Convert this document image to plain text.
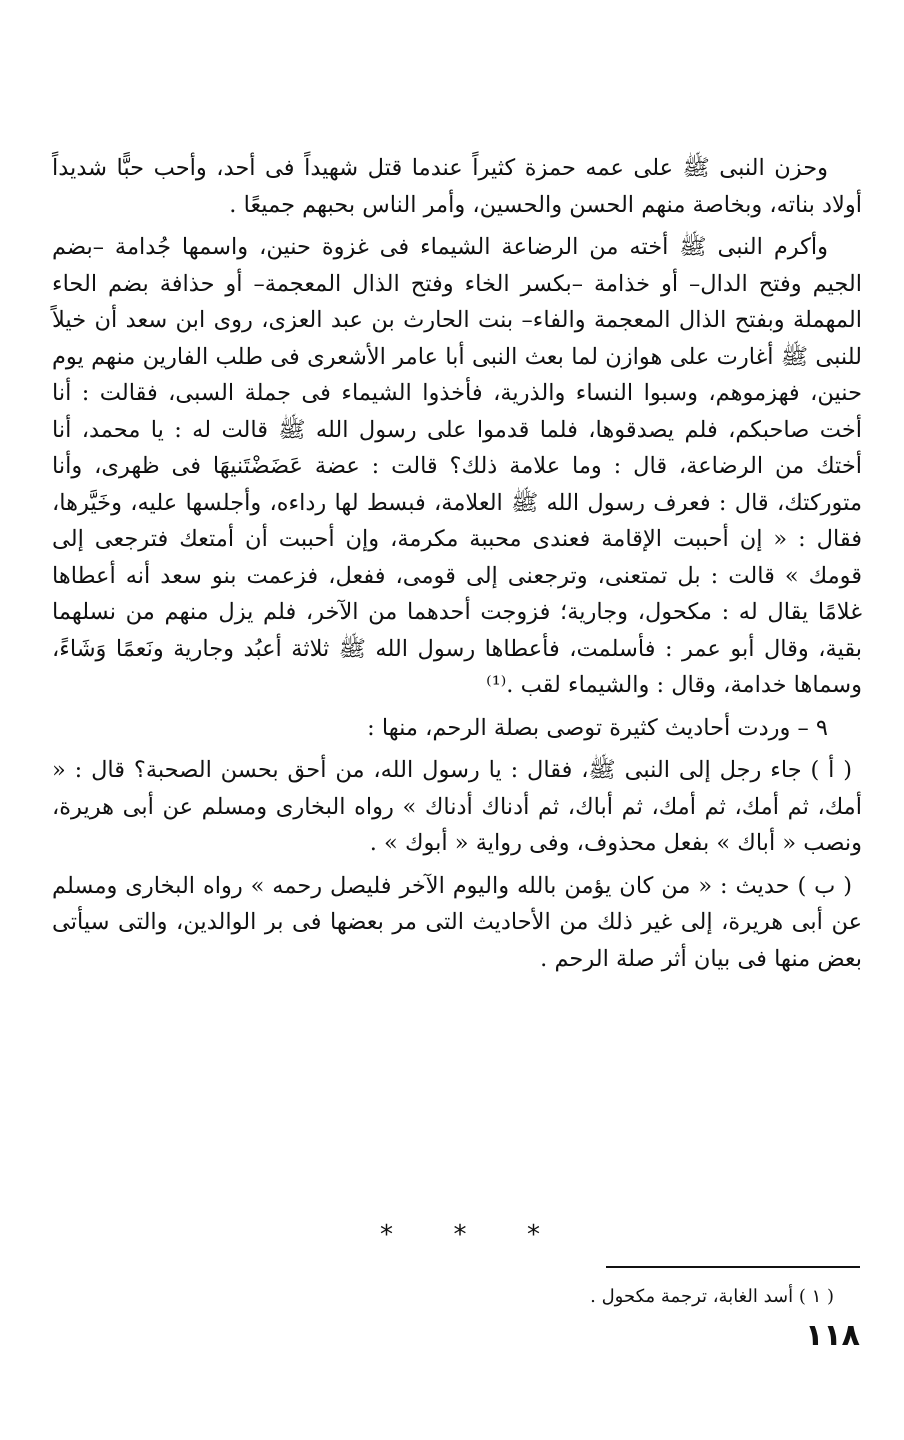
وحزن النبى ﷺ على عمه حمزة كثيراً عندما قتل شهيداً فى أحد، وأحب حبًّا شديداً أولاد بناته، وبخاصة منهم الحسن والحسين، وأمر الناس بحبهم جميعًا .

وأكرم النبى ﷺ أخته من الرضاعة الشيماء فى غزوة حنين، واسمها جُدامة –بضم الجيم وفتح الدال– أو خذامة –بكسر الخاء وفتح الذال المعجمة– أو حذافة بضم الحاء المهملة وبفتح الذال المعجمة والفاء– بنت الحارث بن عبد العزى، روى ابن سعد أن خيلاً للنبى ﷺ أغارت على هوازن لما بعث النبى أبا عامر الأشعرى فى طلب الفارين منهم يوم حنين، فهزموهم، وسبوا النساء والذرية، فأخذوا الشيماء فى جملة السبى، فقالت : أنا أخت صاحبكم، فلم يصدقوها، فلما قدموا على رسول الله ﷺ قالت له : يا محمد، أنا أختك من الرضاعة، قال : وما علامة ذلك؟ قالت : عضة عَضَضْتَنيهَا فى ظهرى، وأنا متوركتك، قال : فعرف رسول الله ﷺ العلامة، فبسط لها رداءه، وأجلسها عليه، وخَيَّرها، فقال : « إن أحببت الإقامة فعندى محببة مكرمة، وإن أحببت أن أمتعك فترجعى إلى قومك » قالت : بل تمتعنى، وترجعنى إلى قومى، ففعل، فزعمت بنو سعد أنه أعطاها غلامًا يقال له : مكحول، وجارية؛ فزوجت أحدهما من الآخر، فلم يزل منهم من نسلهما بقية، وقال أبو عمر : فأسلمت، فأعطاها رسول الله ﷺ ثلاثة أعبُد وجارية ونَعمًا وَشَاءً، وسماها خدامة، وقال : والشيماء لقب .⁽¹⁾

٩ – وردت أحاديث كثيرة توصى بصلة الرحم، منها :

( أ ) جاء رجل إلى النبى ﷺ، فقال : يا رسول الله، من أحق بحسن الصحبة؟ قال : « أمك، ثم أمك، ثم أمك، ثم أباك، ثم أدناك أدناك » رواه البخارى ومسلم عن أبى هريرة، ونصب « أباك » بفعل محذوف، وفى رواية « أبوك » .

( ب ) حديث : « من كان يؤمن بالله واليوم الآخر فليصل رحمه » رواه البخارى ومسلم عن أبى هريرة، إلى غير ذلك من الأحاديث التى مر بعضها فى بر الوالدين، والتى سيأتى بعض منها فى بيان أثر صلة الرحم .

* * *
( ١ ) أسد الغابة، ترجمة مكحول .
١١٨
